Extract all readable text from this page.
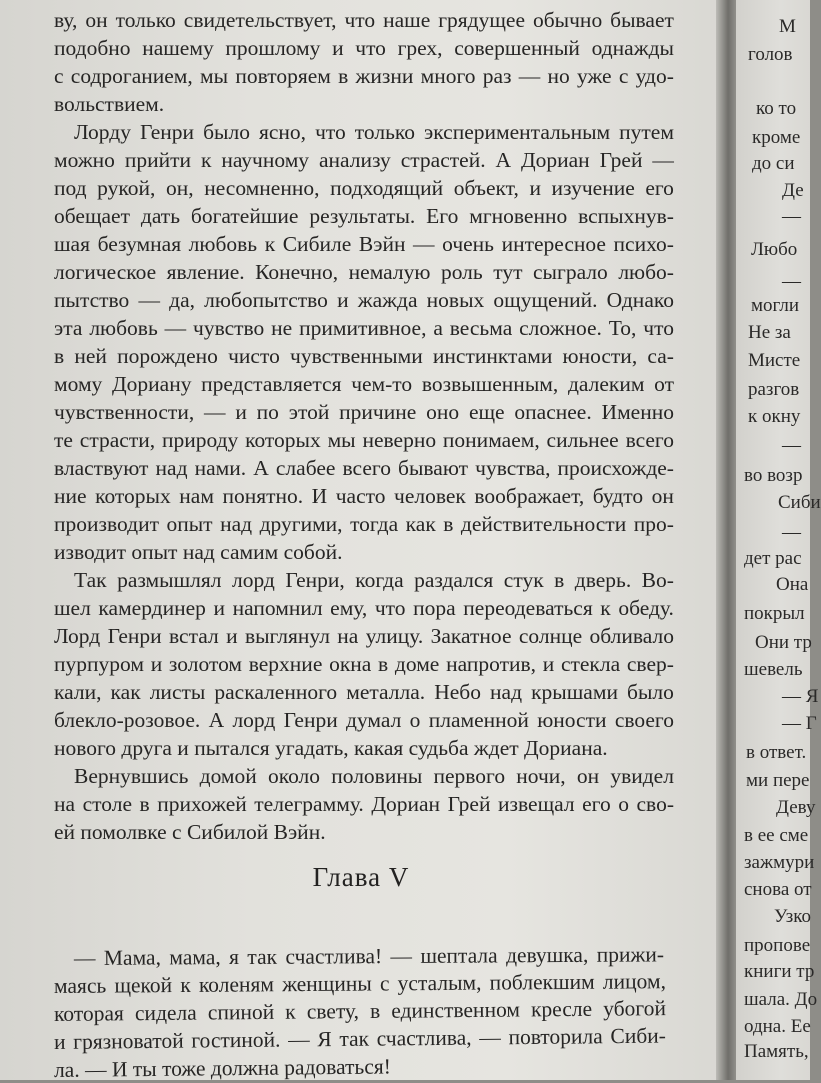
Глава V
ву, он только свидетельствует, что наше грядущее обычно бывает
подобно нашему прошлому и что грех, совершенный однажды
с содроганием, мы повторяем в жизни много раз — но уже с удо-
вольствием.
Лорду Генри было ясно, что только экспериментальным путем
можно прийти к научному анализу страстей. А Дориан Грей —
под рукой, он, несомненно, подходящий объект, и изучение его
обещает дать богатейшие результаты. Его мгновенно вспыхнув-
шая безумная любовь к Сибиле Вэйн — очень интересное психо-
логическое явление. Конечно, немалую роль тут сыграло любо-
пытство — да, любопытство и жажда новых ощущений. Однако
эта любовь — чувство не примитивное, а весьма сложное. То, что
в ней порождено чисто чувственными инстинктами юности, са-
мому Дориану представляется чем-то возвышенным, далеким от
чувственности, — и по этой причине оно еще опаснее. Именно
те страсти, природу которых мы неверно понимаем, сильнее всего
властвуют над нами. А слабее всего бывают чувства, происхожде-
ние которых нам понятно. И часто человек воображает, будто он
производит опыт над другими, тогда как в действительности про-
изводит опыт над самим собой.
Так размышлял лорд Генри, когда раздался стук в дверь. Во-
шел камердинер и напомнил ему, что пора переодеваться к обеду.
Лорд Генри встал и выглянул на улицу. Закатное солнце обливало
пурпуром и золотом верхние окна в доме напротив, и стекла свер-
кали, как листы раскаленного металла. Небо над крышами было
блекло-розовое. А лорд Генри думал о пламенной юности своего
нового друга и пытался угадать, какая судьба ждет Дориана.
Вернувшись домой около половины первого ночи, он увидел
на столе в прихожей телеграмму. Дориан Грей извещал его о сво-
ей помолвке с Сибилой Вэйн.
— Мама, мама, я так счастлива! — шептала девушка, прижи-
маясь щекой к коленям женщины с усталым, поблекшим лицом,
которая сидела спиной к свету, в единственном кресле убогой
и грязноватой гостиной. — Я так счастлива, — повторила Сиби-
ла. — И ты тоже должна радоваться!
М
голов
ко то
кроме
до си
Де
—
Любо
—
могли
Не за
Мисте
разгов
к окну
—
во возр
Сиби
—
дет рас
Она
покрыл
Они тр
шевель
— Я
— Г
в ответ.
ми пере
Деву
в ее сме
зажмури
снова от
Узко
пропове
книги тр
шала. До
одна. Ее
Память,
